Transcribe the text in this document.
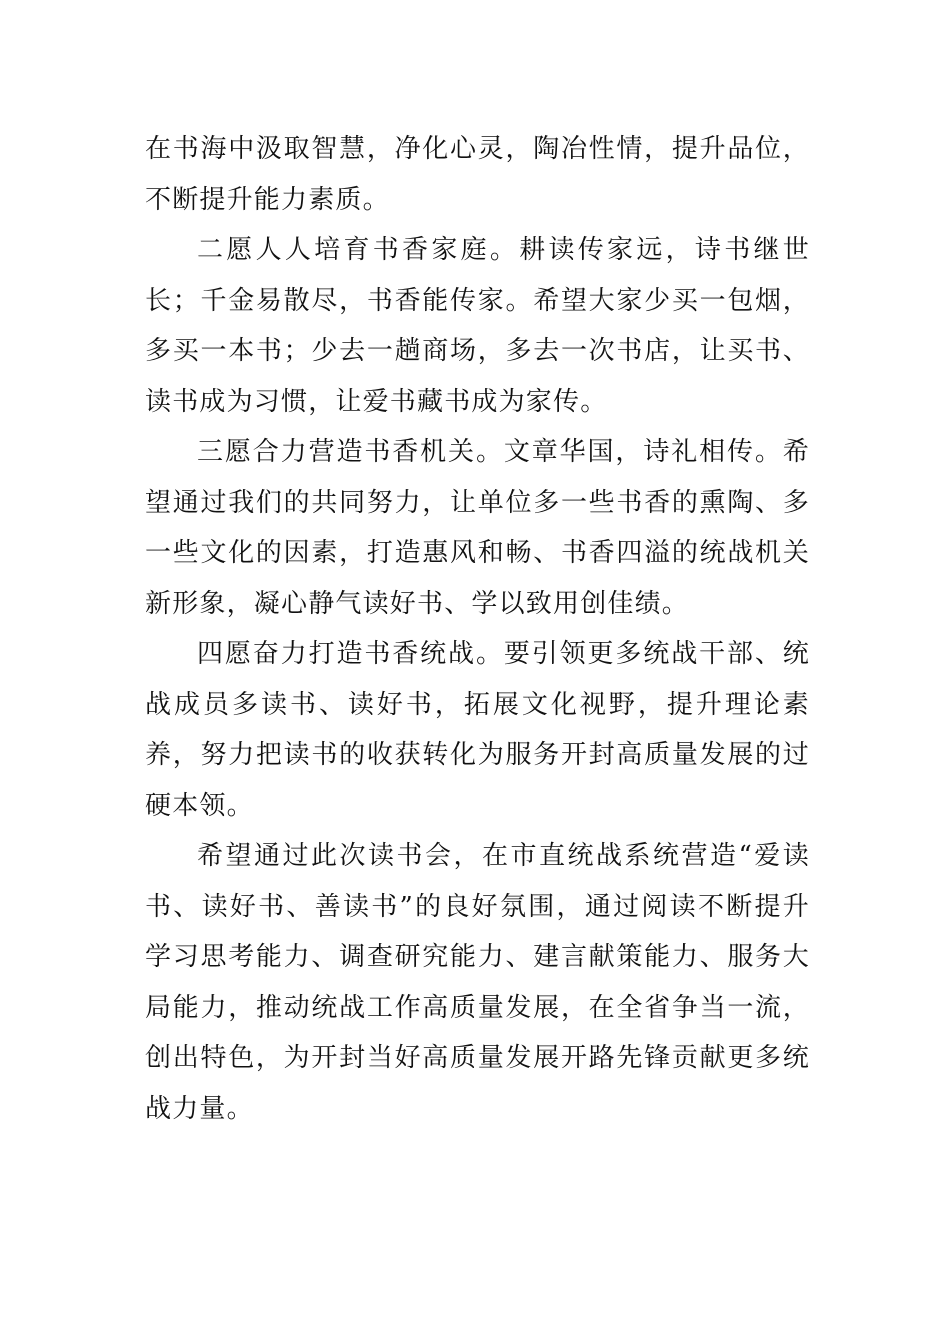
在书海中汲取智慧，净化心灵，陶冶性情，提升品位，不断提升能力素质。

二愿人人培育书香家庭。耕读传家远，诗书继世长；千金易散尽，书香能传家。希望大家少买一包烟，多买一本书；少去一趟商场，多去一次书店，让买书、读书成为习惯，让爱书藏书成为家传。

三愿合力营造书香机关。文章华国，诗礼相传。希望通过我们的共同努力，让单位多一些书香的熏陶、多一些文化的因素，打造惠风和畅、书香四溢的统战机关新形象，凝心静气读好书、学以致用创佳绩。

四愿奋力打造书香统战。要引领更多统战干部、统战成员多读书、读好书，拓展文化视野，提升理论素养，努力把读书的收获转化为服务开封高质量发展的过硬本领。

希望通过此次读书会，在市直统战系统营造“爱读书、读好书、善读书”的良好氛围，通过阅读不断提升学习思考能力、调查研究能力、建言献策能力、服务大局能力，推动统战工作高质量发展，在全省争当一流，创出特色，为开封当好高质量发展开路先锋贡献更多统战力量。
